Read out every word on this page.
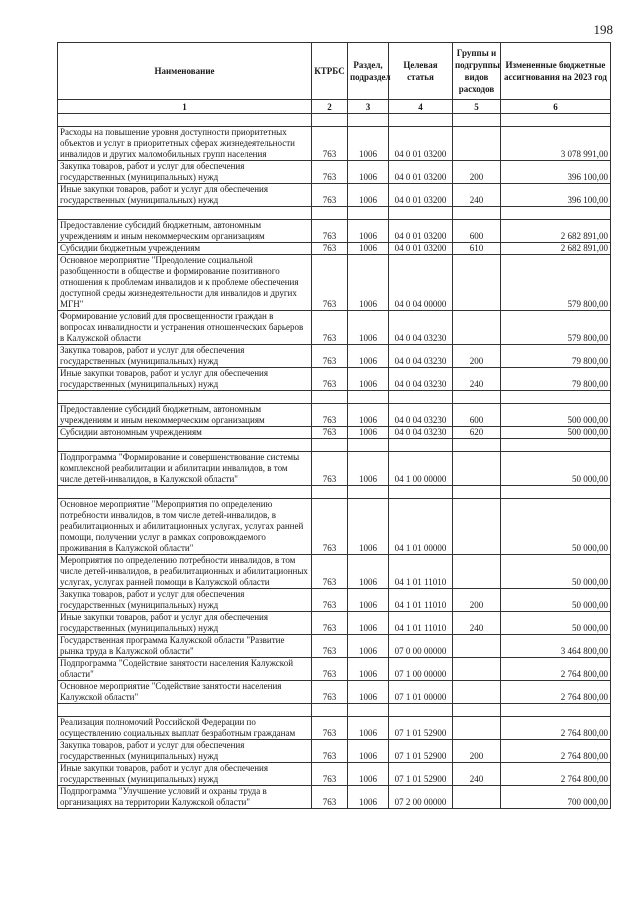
198
Наименование	КТРБС	Раздел, подраздел	Целевая статья	Группы и подгруппы видов расходов	Измененные бюджетные ассигнования на 2023 год
1	2	3	4	5	6

Расходы на повышение уровня доступности приоритетных объектов и услуг в приоритетных сферах жизнедеятельности инвалидов и других маломобильных групп населения	763	1006	04 0 01 03200		3 078 991,00
Закупка товаров, работ и услуг для обеспечения государственных (муниципальных) нужд	763	1006	04 0 01 03200	200	396 100,00
Иные закупки товаров, работ и услуг для обеспечения государственных (муниципальных) нужд	763	1006	04 0 01 03200	240	396 100,00

Предоставление субсидий бюджетным, автономным учреждениям и иным некоммерческим организациям	763	1006	04 0 01 03200	600	2 682 891,00
Субсидии бюджетным учреждениям	763	1006	04 0 01 03200	610	2 682 891,00
Основное мероприятие "Преодоление социальной разобщенности в обществе и формирование позитивного отношения к проблемам инвалидов и к проблеме обеспечения доступной среды жизнедеятельности для инвалидов и других МГН"	763	1006	04 0 04 00000		579 800,00
Формирование условий для просвещенности граждан в вопросах инвалидности и устранения отношенческих барьеров в Калужской области	763	1006	04 0 04 03230		579 800,00
Закупка товаров, работ и услуг для обеспечения государственных (муниципальных) нужд	763	1006	04 0 04 03230	200	79 800,00
Иные закупки товаров, работ и услуг для обеспечения государственных (муниципальных) нужд	763	1006	04 0 04 03230	240	79 800,00

Предоставление субсидий бюджетным, автономным учреждениям и иным некоммерческим организациям	763	1006	04 0 04 03230	600	500 000,00
Субсидии автономным учреждениям	763	1006	04 0 04 03230	620	500 000,00

Подпрограмма "Формирование и совершенствование системы комплексной реабилитации и абилитации инвалидов, в том числе детей-инвалидов, в Калужской области"	763	1006	04 1 00 00000		50 000,00

Основное мероприятие "Мероприятия по определению потребности инвалидов, в том числе детей-инвалидов, в реабилитационных и абилитационных услугах, услугах ранней помощи, получении услуг в рамках сопровождаемого проживания в Калужской области"	763	1006	04 1 01 00000		50 000,00
Мероприятия по определению потребности инвалидов, в том числе детей-инвалидов, в реабилитационных и абилитационных услугах, услугах ранней помощи в Калужской области	763	1006	04 1 01 11010		50 000,00
Закупка товаров, работ и услуг для обеспечения государственных (муниципальных) нужд	763	1006	04 1 01 11010	200	50 000,00
Иные закупки товаров, работ и услуг для обеспечения государственных (муниципальных) нужд	763	1006	04 1 01 11010	240	50 000,00
Государственная программа Калужской области "Развитие рынка труда в Калужской области"	763	1006	07 0 00 00000		3 464 800,00
Подпрограмма "Содействие занятости населения Калужской области"	763	1006	07 1 00 00000		2 764 800,00
Основное мероприятие "Содействие занятости населения Калужской области"	763	1006	07 1 01 00000		2 764 800,00

Реализация полномочий Российской Федерации по осуществлению социальных выплат безработным гражданам	763	1006	07 1 01 52900		2 764 800,00
Закупка товаров, работ и услуг для обеспечения государственных (муниципальных) нужд	763	1006	07 1 01 52900	200	2 764 800,00
Иные закупки товаров, работ и услуг для обеспечения государственных (муниципальных) нужд	763	1006	07 1 01 52900	240	2 764 800,00
Подпрограмма "Улучшение условий и охраны труда в организациях на территории Калужской области"	763	1006	07 2 00 00000		700 000,00
